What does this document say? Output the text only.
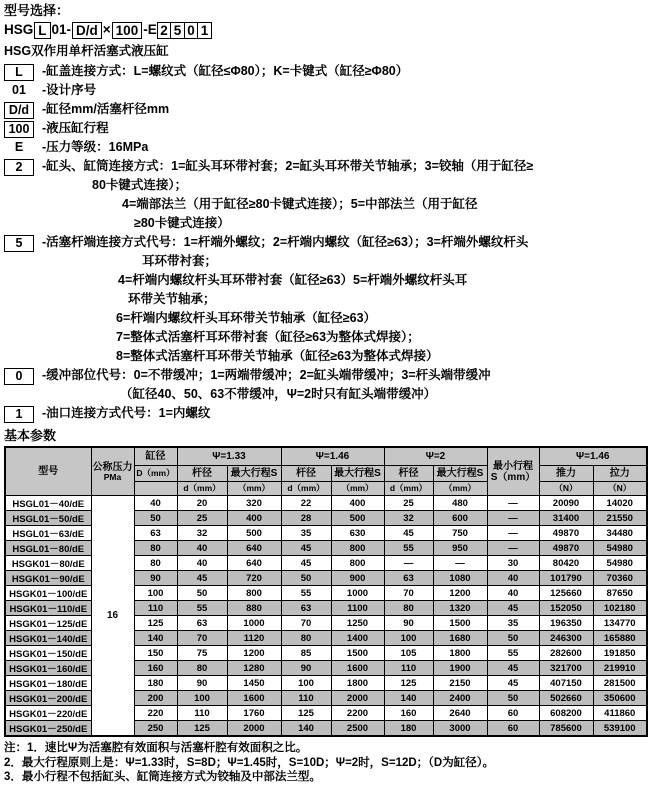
型号选择：
HSG L 01- D/d × 100 -E 2 5 0 1
HSG双作用单杆活塞式液压缸
L	-缸盖连接方式：L=螺纹式（缸径≤Φ80）；K=卡键式（缸径≥Φ80）
01	-设计序号
D/d	-缸径mm/活塞杆径mm
100	-液压缸行程
E	-压力等级：16MPa
2	-缸头、缸筒连接方式：1=缸头耳环带衬套；2=缸头耳环带关节轴承；3=铰轴（用于缸径≥
80卡键式连接）；
4=端部法兰（用于缸径≥80卡键式连接）；5=中部法兰（用于缸径
≥80卡键式连接）
5	-活塞杆端连接方式代号：1=杆端外螺纹；2=杆端内螺纹（缸径≥63）；3=杆端外螺纹杆头
耳环带衬套；
4=杆端内螺纹杆头耳环带衬套（缸径≥63）5=杆端外螺纹杆头耳
环带关节轴承；
6=杆端内螺纹杆头耳环带关节轴承（缸径≥63）
7=整体式活塞杆耳环带衬套（缸径≥63为整体式焊接）；
8=整体式活塞杆耳环带关节轴承（缸径≥63为整体式焊接）
0	-缓冲部位代号：0=不带缓冲；1=两端带缓冲；2=缸头端带缓冲；3=杆头端带缓冲
（缸径40、50、63不带缓冲，Ψ=2时只有缸头端带缓冲）
1	-油口连接方式代号：1=内螺纹
基本参数
型号	公称压力
PMa	缸径	Ψ=1.33		Ψ=1.46		Ψ=2		最小行程
S（mm）	Ψ=1.46	
		D（mm）	杆径	最大行程S	杆径	最大行程S	杆径	最大行程S		推力	拉力
			d（mm）	（mm）	d（mm）	（mm）	d（mm）	（mm）		（N）	（N）
HSGL01－40/dE	16	40	20	320	22	400	25	480	—	20090	14020
HSGL01－50/dE		50	25	400	28	500	32	600	—	31400	21550
HSGL01－63/dE		63	32	500	35	630	45	750	—	49870	34480
HSGL01－80/dE		80	40	640	45	800	55	950	—	49870	54980
HSGK01－80/dE		80	40	640	45	800	—	—	30	80420	54980
HSGK01－90/dE		90	45	720	50	900	63	1080	40	101790	70360
HSGK01－100/dE		100	50	800	55	1000	70	1200	40	125660	87650
HSGK01－110/dE		110	55	880	63	1100	80	1320	45	152050	102180
HSGK01－125/dE		125	63	1000	70	1250	90	1500	35	196350	134770
HSGK01－140/dE		140	70	1120	80	1400	100	1680	50	246300	165880
HSGK01－150/dE		150	75	1200	85	1500	105	1800	55	282600	191850
HSGK01－160/dE		160	80	1280	90	1600	110	1900	45	321700	219910
HSGK01－180/dE		180	90	1450	100	1800	125	2150	45	407150	281500
HSGK01－200/dE		200	100	1600	110	2000	140	2400	50	502660	350600
HSGK01－220/dE		220	110	1760	125	2200	160	2640	60	608200	411860
HSGK01－250/dE		250	125	2000	140	2500	180	3000	60	785600	539100
注：1．速比Ψ为活塞腔有效面积与活塞杆腔有效面积之比。
2．最大行程原则上是：Ψ=1.33时，S=8D；Ψ=1.45时，S=10D；Ψ=2时，S=12D；（D为缸径）。
3．最小行程不包括缸头、缸筒连接方式为铰轴及中部法兰型。
